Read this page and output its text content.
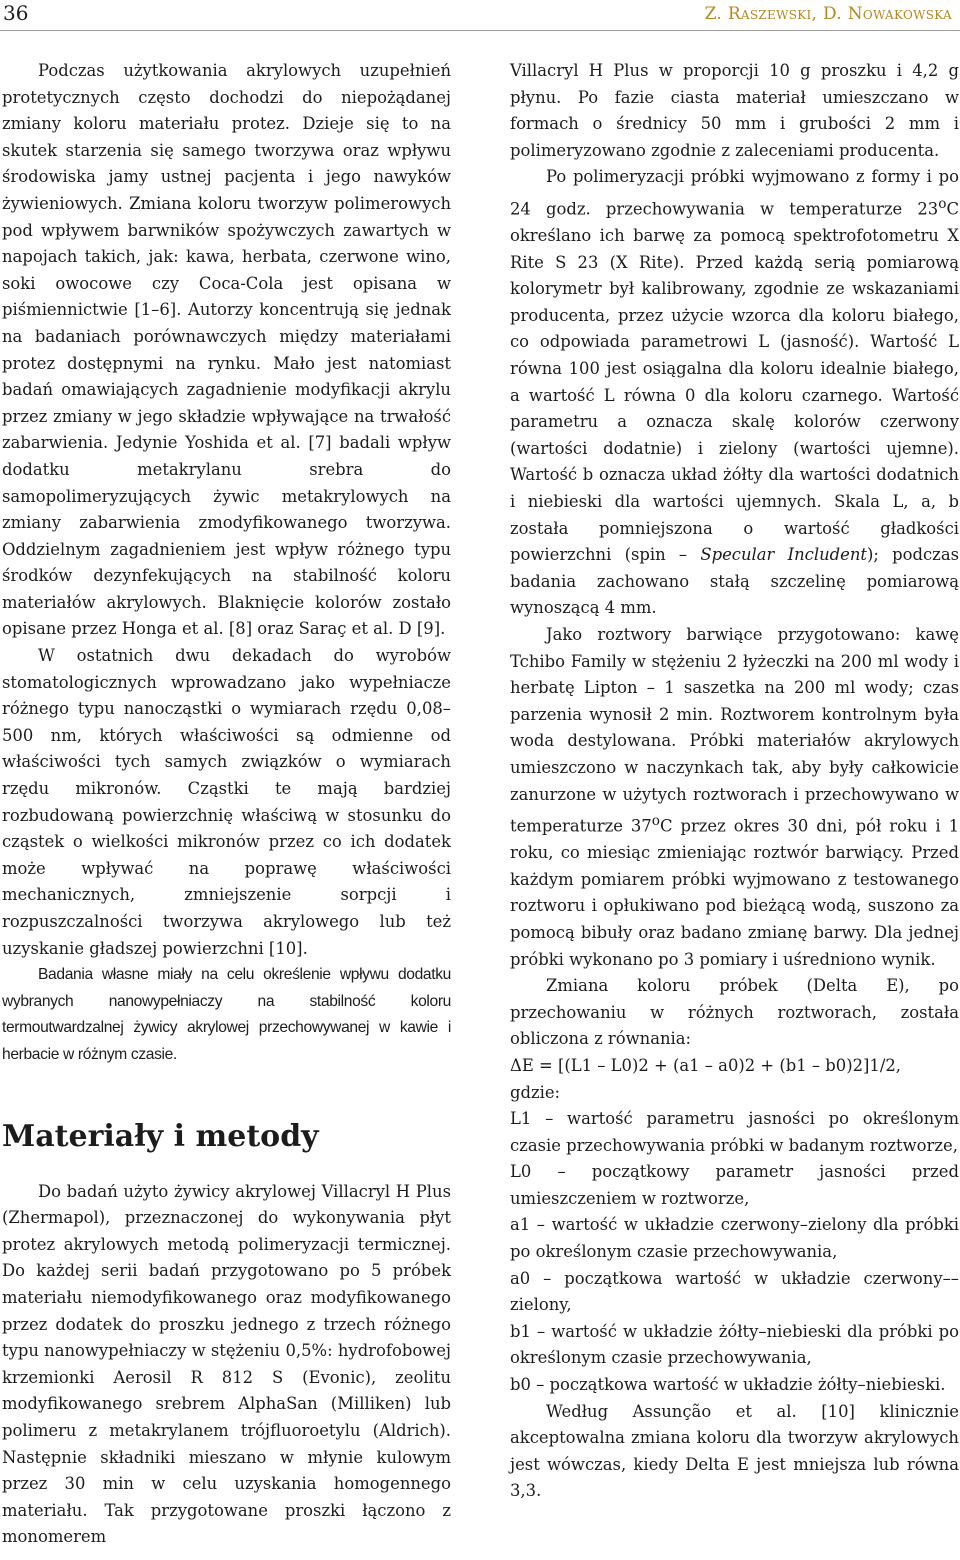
36	Z. Raszewski, D. Nowakowska

Podczas użytkowania akrylowych uzupełnień protetycznych często dochodzi do niepożądanej zmiany koloru materiału protez. Dzieje się to na skutek starzenia się samego tworzywa oraz wpływu środowiska jamy ustnej pacjenta i jego nawyków żywieniowych. Zmiana koloru tworzyw polimerowych pod wpływem barwników spożywczych zawartych w napojach takich, jak: kawa, herbata, czerwone wino, soki owocowe czy Coca-Cola jest opisana w piśmiennictwie [1–6]. Autorzy koncentrują się jednak na badaniach porównawczych między materiałami protez dostępnymi na rynku. Mało jest natomiast badań omawiających zagadnienie modyfikacji akrylu przez zmiany w jego składzie wpływające na trwałość zabarwienia. Jedynie Yoshida et al. [7] badali wpływ dodatku metakrylanu srebra do samopolimeryzujących żywic metakrylowych na zmiany zabarwienia zmodyfikowanego tworzywa. Oddzielnym zagadnieniem jest wpływ różnego typu środków dezynfekujących na stabilność koloru materiałów akrylowych. Blaknięcie kolorów zostało opisane przez Honga et al. [8] oraz Saraç et al. D [9].

W ostatnich dwu dekadach do wyrobów stomatologicznych wprowadzano jako wypełniacze różnego typu nanocząstki o wymiarach rzędu 0,08–500 nm, których właściwości są odmienne od właściwości tych samych związków o wymiarach rzędu mikronów. Cząstki te mają bardziej rozbudowaną powierzchnię właściwą w stosunku do cząstek o wielkości mikronów przez co ich dodatek może wpływać na poprawę właściwości mechanicznych, zmniejszenie sorpcji i rozpuszczalności tworzywa akrylowego lub też uzyskanie gładszej powierzchni [10].

Badania własne miały na celu określenie wpływu dodatku wybranych nanowypełniaczy na stabilność koloru termoutwardzalnej żywicy akrylowej przechowywanej w kawie i herbacie w różnym czasie.

Materiały i metody

Do badań użyto żywicy akrylowej Villacryl H Plus (Zhermapol), przeznaczonej do wykonywania płyt protez akrylowych metodą polimeryzacji termicznej. Do każdej serii badań przygotowano po 5 próbek materiału niemodyfikowanego oraz modyfikowanego przez dodatek do proszku jednego z trzech różnego typu nanowypełniaczy w stężeniu 0,5%: hydrofobowej krzemionki Aerosil R 812 S (Evonic), zeolitu modyfikowanego srebrem AlphaSan (Milliken) lub polimeru z metakrylanem trójfluoroetylu (Aldrich). Następnie składniki mieszano w młynie kulowym przez 30 min w celu uzyskania homogennego materiału. Tak przygotowane proszki łączono z monomerem

Villacryl H Plus w proporcji 10 g proszku i 4,2 g płynu. Po fazie ciasta materiał umieszczano w formach o średnicy 50 mm i grubości 2 mm i polimeryzowano zgodnie z zaleceniami producenta.

Po polimeryzacji próbki wyjmowano z formy i po 24 godz. przechowywania w temperaturze 23$^o$C określano ich barwę za pomocą spektrofotometru X Rite S 23 (X Rite). Przed każdą serią pomiarową kolorymetr był kalibrowany, zgodnie ze wskazaniami producenta, przez użycie wzorca dla koloru białego, co odpowiada parametrowi L (jasność). Wartość L równa 100 jest osiągalna dla koloru idealnie białego, a wartość L równa 0 dla koloru czarnego. Wartość parametru a oznacza skalę kolorów czerwony (wartości dodatnie) i zielony (wartości ujemne). Wartość b oznacza układ żółty dla wartości dodatnich i niebieski dla wartości ujemnych. Skala L, a, b została pomniejszona o wartość gładkości powierzchni (spin – Specular Includent); podczas badania zachowano stałą szczelinę pomiarową wynoszącą 4 mm.

Jako roztwory barwiące przygotowano: kawę Tchibo Family w stężeniu 2 łyżeczki na 200 ml wody i herbatę Lipton – 1 saszetka na 200 ml wody; czas parzenia wynosił 2 min. Roztworem kontrolnym była woda destylowana. Próbki materiałów akrylowych umieszczono w naczynkach tak, aby były całkowicie zanurzone w użytych roztworach i przechowywano w temperaturze 37$^o$C przez okres 30 dni, pół roku i 1 roku, co miesiąc zmieniając roztwór barwiący. Przed każdym pomiarem próbki wyjmowano z testowanego roztworu i opłukiwano pod bieżącą wodą, suszono za pomocą bibuły oraz badano zmianę barwy. Dla jednej próbki wykonano po 3 pomiary i uśredniono wynik.

Zmiana koloru próbek (Delta E), po przechowaniu w różnych roztworach, została obliczona z równania:

ΔE = [(L1 – L0)2 + (a1 – a0)2 + (b1 – b0)2]1/2,

gdzie:

L1 – wartość parametru jasności po określonym czasie przechowywania próbki w badanym roztworze,

L0 – początkowy parametr jasności przed umieszczeniem w roztworze,

a1 – wartość w układzie czerwony–zielony dla próbki po określonym czasie przechowywania,

a0 – początkowa wartość w układzie czerwony––zielony,

b1 – wartość w układzie żółty–niebieski dla próbki po określonym czasie przechowywania,

b0 – początkowa wartość w układzie żółty–niebieski.

Według Assunção et al. [10] klinicznie akceptowalna zmiana koloru dla tworzyw akrylowych jest wówczas, kiedy Delta E jest mniejsza lub równa 3,3.
